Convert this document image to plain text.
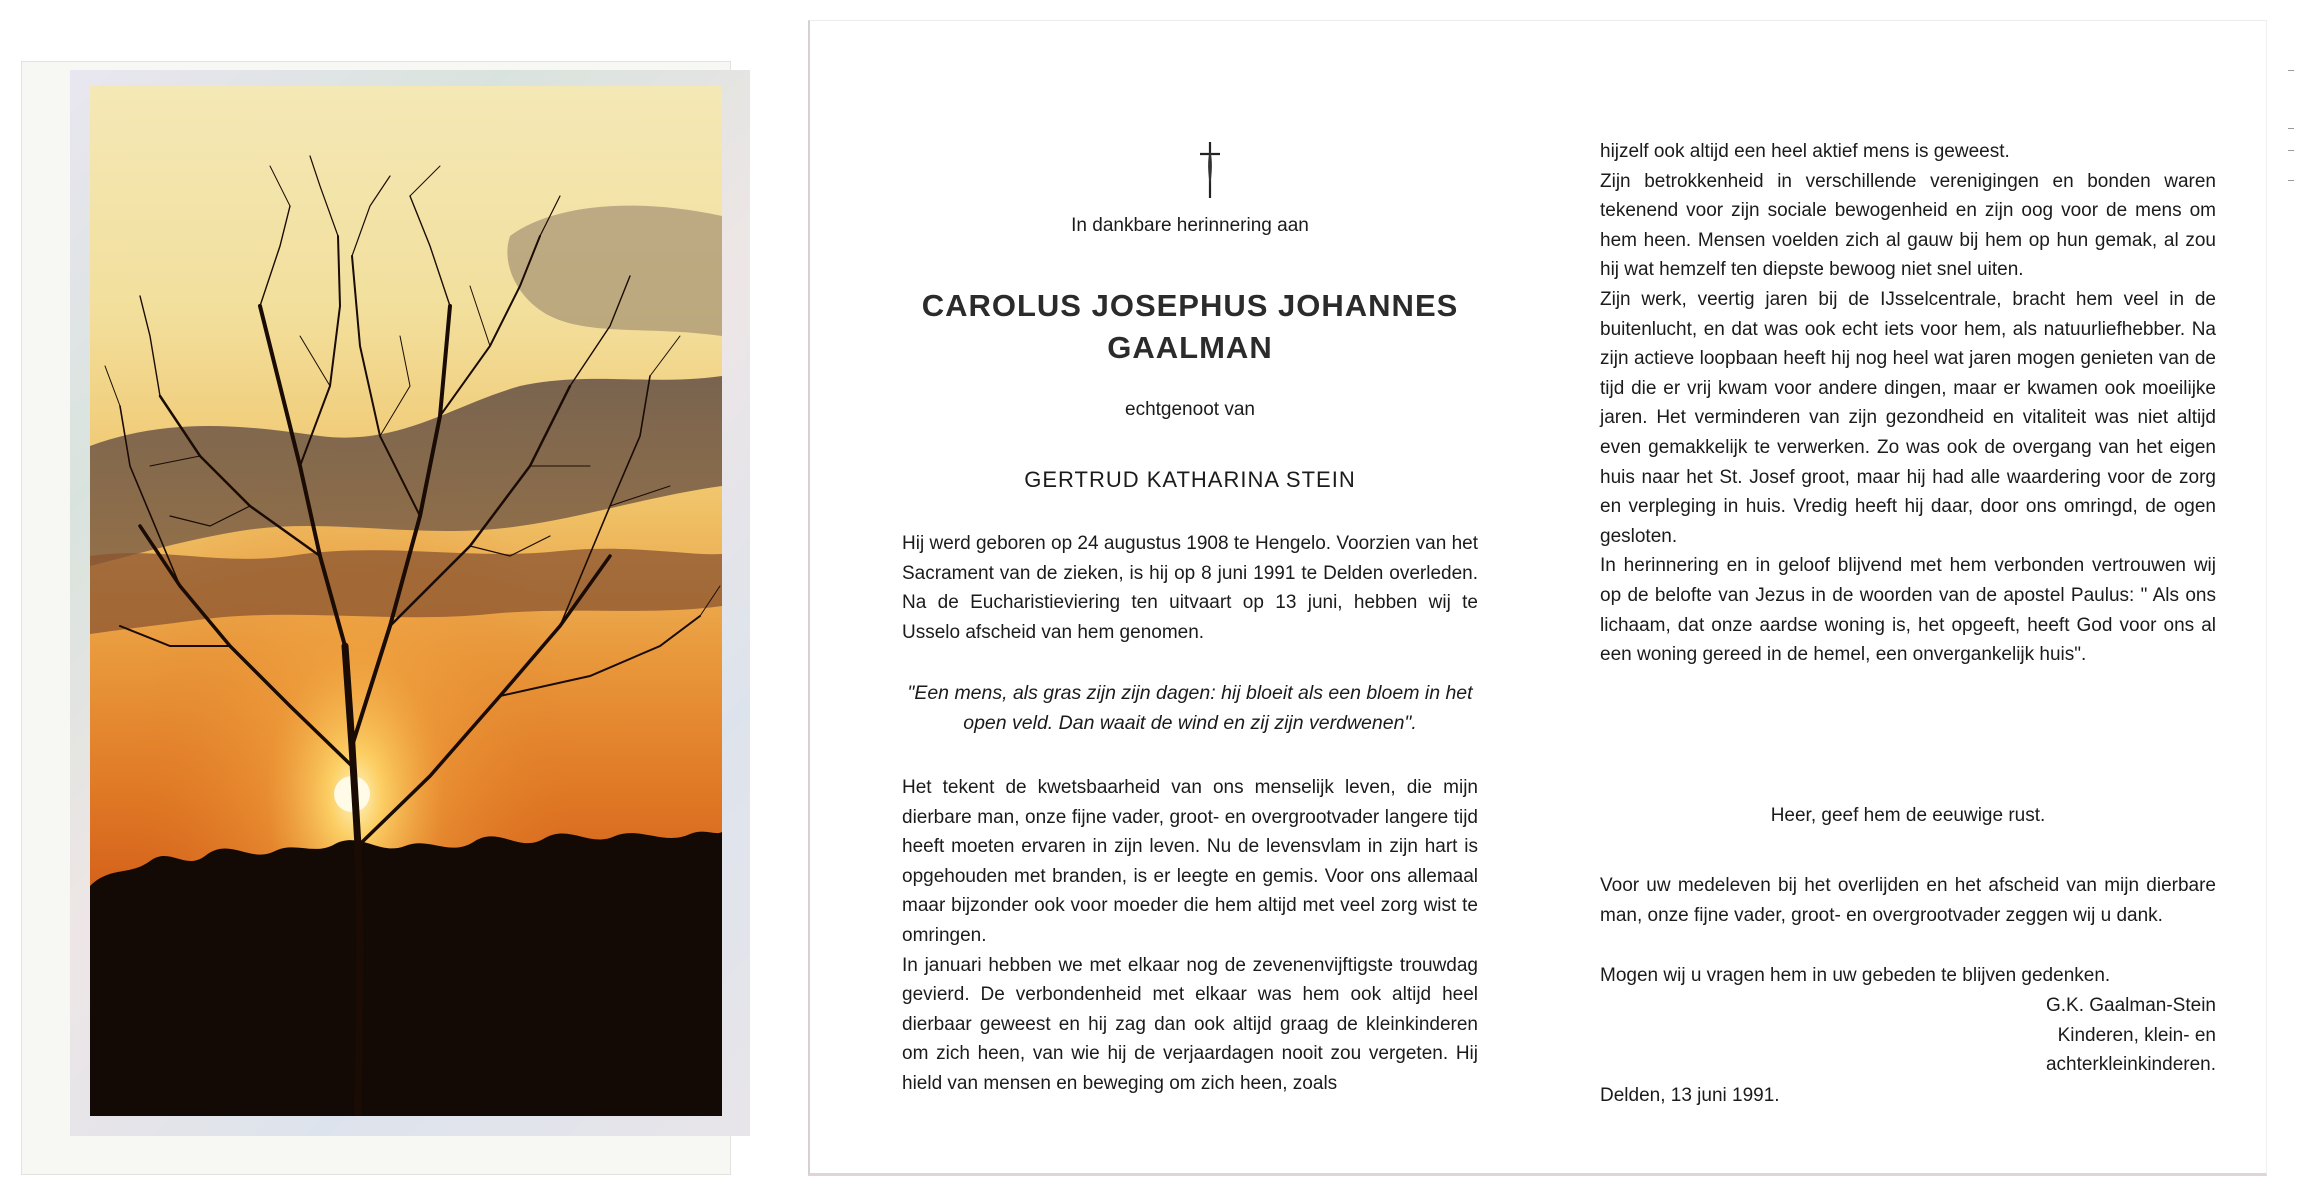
In dankbare herinnering aan
CAROLUS JOSEPHUS JOHANNES
GAALMAN
echtgenoot van
GERTRUD KATHARINA STEIN
Hij werd geboren op 24 augustus 1908 te Hengelo. Voorzien van het Sacrament van de zieken, is hij op 8 juni 1991 te Delden overleden. Na de Eucharistieviering ten uitvaart op 13 juni, hebben wij te Usselo afscheid van hem genomen.
"Een mens, als gras zijn zijn dagen: hij bloeit als een bloem in het open veld. Dan waait de wind en zij zijn verdwenen".
Het tekent de kwetsbaarheid van ons menselijk leven, die mijn dierbare man, onze fijne vader, groot- en overgrootvader langere tijd heeft moeten ervaren in zijn leven. Nu de levensvlam in zijn hart is opgehouden met branden, is er leegte en gemis. Voor ons allemaal maar bijzonder ook voor moeder die hem altijd met veel zorg wist te omringen.
In januari hebben we met elkaar nog de zevenenvijftigste trouwdag gevierd. De verbondenheid met elkaar was hem ook altijd heel dierbaar geweest en hij zag dan ook altijd graag de kleinkinderen om zich heen, van wie hij de verjaardagen nooit zou vergeten. Hij hield van mensen en beweging om zich heen, zoals
hijzelf ook altijd een heel aktief mens is geweest.
Zijn betrokkenheid in verschillende verenigingen en bonden waren tekenend voor zijn sociale bewogenheid en zijn oog voor de mens om hem heen. Mensen voelden zich al gauw bij hem op hun gemak, al zou hij wat hemzelf ten diepste bewoog niet snel uiten.
Zijn werk, veertig jaren bij de IJsselcentrale, bracht hem veel in de buitenlucht, en dat was ook echt iets voor hem, als natuurliefhebber. Na zijn actieve loopbaan heeft hij nog heel wat jaren mogen genieten van de tijd die er vrij kwam voor andere dingen, maar er kwamen ook moeilijke jaren. Het verminderen van zijn gezondheid en vitaliteit was niet altijd even gemakkelijk te verwerken. Zo was ook de overgang van het eigen huis naar het St. Josef groot, maar hij had alle waardering voor de zorg en verpleging in huis. Vredig heeft hij daar, door ons omringd, de ogen gesloten.
In herinnering en in geloof blijvend met hem verbonden vertrouwen wij op de belofte van Jezus in de woorden van de apostel Paulus: " Als ons lichaam, dat onze aardse woning is, het opgeeft, heeft God voor ons al een woning gereed in de hemel, een onvergankelijk huis".
Heer, geef hem de eeuwige rust.
Voor uw medeleven bij het overlijden en het afscheid van mijn dierbare man, onze fijne vader, groot- en overgrootvader zeggen wij u dank.
Mogen wij u vragen hem in uw gebeden te blijven gedenken.
G.K. Gaalman-Stein
Kinderen, klein- en
achterkleinkinderen.
Delden, 13 juni 1991.
